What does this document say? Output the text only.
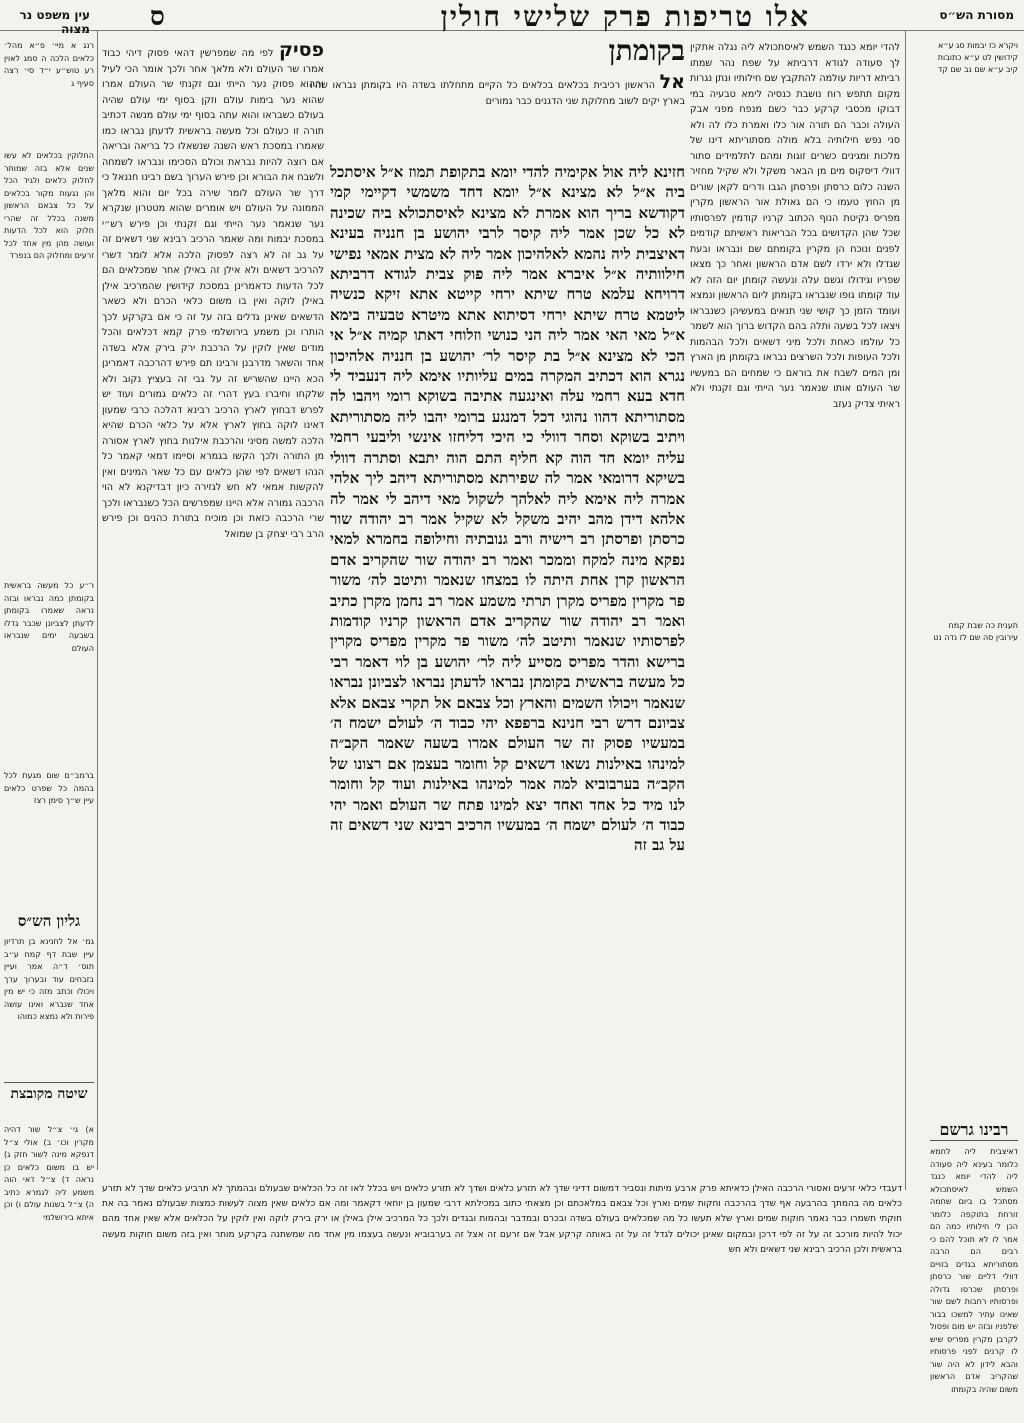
מסורת הש״ס
אלו טריפות פרק שלישי חולין
ס
עין משפט נר מצוה
ויקרא כז יבמות סג ע״א קידושין לט ע״א כתובות קיב ע״א שם נב שם קד
תענית כה שבת קמח עירובין סה שם לז נדה נט
רבינו גרשם
דאיצבית ליה לחמא כלומר בעינא ליה סעודה ליה להדי יומא כנגד השמש לאיסתכולא מסתכל בו ביום שחמה זורחת בתוקפה כלומר הכן לי חילותיו כמה הם אמר לו לא תוכל להם כי רבים הם הרבה מסתוריתא בגדים בזויים דוולי דליים שור כרסתן ופרסתן שכרסו גדולה ופרסותיו רחבות לשם שור שאינו עתיר למשכו בבור שלפניו ובזה יש מום ופסול לקרבן מקרין מפריס שיש לו קרנים לפני פרסותיו והבא לידון לא היה שור שהקריב אדם הראשון משום שהיה בקומתו
להדי יומא כנגד השמש לאיסתכולא ליה נגלה אתקין לך סעודה לגודא דרביתא על שפת נהר שמתו רביתא דריות עולמה להתקבץ שם חילותיו ונתן נגרות מקום תתפש רוח נושבת כנסיה לימא טבעיה במי דבוקו מכסבי קרקע כבר כשם מנפח מפני אבק העולה וכבר הם תורה אור כלו ואמרת כלו לה ולא סני נפש חילותיה בלא מולה מסתוריתא דינו של מלכות ומגינים כשרים זוגות ומהם לתלמידים סתור דוולי דיסקוס מים מן הבאר משקל ולא שקיל מחזיר השנה כלום כרסתן ופרסתן הגבו ודרים לקאן שורים מן החוץ טעמו כי הם גאולת אור הראשון מקרין מפריס נקיטת הנוף הכתוב קרניו קודמין לפרסותיו שכל שהן הקדושים בכל הבריאות ראשיתם קודמים לפנים ונוכח הן מקרין בקומתם שם ונבראו ובעת שגדלו ולא ירדו לשם אדם הראשון ואחר כך מצאו שפריו וגידולו וגשם עלה ונעשה קומתן יום הזה לא עוד קומתו גופו שנבראו בקומתן ליום הראשון ונמצא ועומד הזמן כך קושי שני תנאים במעשיהן כשנבראו ויצאו לכל בשעה ותלה בהם הקדוש ברוך הוא לשמר כל עולמו כאחת ולכל מיני דשאים ולכל הבהמות ולכל העופות ולכל השרצים נבראו בקומתן מן הארץ ומן המים לשבח את בוראם כי שמחים הם במעשיו שר העולם אותו שנאמר נער הייתי וגם זקנתי ולא ראיתי צדיק נעזב
בקומתן
אל הראשון רכיבית בכלאים בכלאים כל הקיים מתחלתו בשדה היו בקומתן נבראו שהיו בארץ יקים לשוב מחלוקת שני הדגנים כבר גמורים
חזינא ליה אול אקימיה להדי יומא בתקופת תמוז א״ל איסתכל ביה א״ל לא מצינא א״ל יומא דחד משמשי דקיימי קמי דקודשא בריך הוא אמרת לא מצינא לאיסתכולא ביה שכינה לא כל שכן אמר ליה קיסר לרבי יהושע בן חנניה בעינא דאיצבית ליה נהמא לאלהיכון אמר ליה לא מצית אמאי נפישי חילוותיה א״ל איברא אמר ליה פוק צבית לגודא דרביתא דרויחא עלמא טרח שיתא ירחי קייטא אתא זיקא כנשיה ליטמא טרח שיתא ירחי דסיתוא אתא מיטרא טבעיה בימא א״ל מאי האי אמר ליה הני כנושי וזלוחי דאתו קמיה א״ל אי הכי לא מצינא א״ל בת קיסר לר׳ יהושע בן חנניה אלהיכון נגרא הוא דכתיב המקרה במים עליותיו אימא ליה דנעביד לי חדא בעא רחמי עלה ואינגעה אתיבה בשוקא רומי ויהבו לה מסתוריתא דהוו נהוגי דכל דמנגע ברומי יהבו ליה מסתוריתא ויתיב בשוקא וסחר דוולי כי היכי דליחזו אינשי וליבעי רחמי עליה יומא חד הוה קא חליף התם הוה יתבא וסתרה דוולי בשיקא דרומאי אמר לה שפירתא מסתוריתא דיהב ליך אלהי אמרה ליה אימא ליה לאלהך לשקול מאי דיהב לי אמר לה אלהא דידן מהב יהיב משקל לא שקיל אמר רב יהודה שור כרסתן ופרסתן רב רישיה ורב גנובתיה וחילופה בחמרא למאי נפקא מינה למקח וממכר ואמר רב יהודה שור שהקריב אדם הראשון קרן אחת היתה לו במצחו שנאמר ותיטב לה׳ משור פר מקרין מפריס מקרן תרתי משמע אמר רב נחמן מקרן כתיב ואמר רב יהודה שור שהקריב אדם הראשון קרניו קודמות לפרסותיו שנאמר ותיטב לה׳ משור פר מקרין מפריס מקרין ברישא והדר מפריס מסייע ליה לר׳ יהושע בן לוי דאמר רבי כל מעשה בראשית בקומתן נבראו לדעתן נבראו לצביונן נבראו שנאמר ויכולו השמים והארץ וכל צבאם אל תקרי צבאם אלא צביונם דרש רבי חנינא ברפפא יהי כבוד ה׳ לעולם ישמח ה׳ במעשיו פסוק זה שר העולם אמרו בשעה שאמר הקב״ה למינהו באילנות נשאו דשאים קל וחומר בעצמן אם רצונו של הקב״ה בערבוביא למה אמר למינהו באילנות ועוד קל וחומר לנו מיד כל אחד ואחד יצא למינו פתח שר העולם ואמר יהי כבוד ה׳ לעולם ישמח ה׳ במעשיו הרכיב רבינא שני דשאים זה על גב זה
פסיק לפי מה שמפרשין דהאי פסוק דיהי כבוד אמרו שר העולם ולא מלאך אחר ולכך אומר הכי לעיל וההוא פסוק נער הייתי וגם זקנתי שר העולם אמרו שהוא נער בימות עולם וזקן בסוף ימי עולם שהיה בעולם כשבראו והוא עתה בסוף ימי עולם מנשה דכתיב תורה זו כעולם וכל מעשה בראשית לדעתן נבראו כמו שאמרו במסכת ראש השנה שנשאלו כל בריאה ובריאה אם רוצה להיות נבראת וכולם הסכימו ונבראו לשמחה ולשבח את הבורא וכן פירש הערוך בשם רבינו חננאל כי דרך שר העולם לומר שירה בכל יום והוא מלאך הממונה על העולם ויש אומרים שהוא מטטרון שנקרא נער שנאמר נער הייתי וגם זקנתי וכן פירש רש״י במסכת יבמות ומה שאמר הרכיב רבינא שני דשאים זה על גב זה לא רצה לפסוק הלכה אלא לומר דשרי להרכיב דשאים ולא אילן זה באילן אחר שמכלאים הם לכל הדעות כדאמרינן במסכת קידושין שהמרכיב אילן באילן לוקה ואין בו משום כלאי הכרם ולא כשאר הדשאים שאינן גדלים בזה על זה כי אם בקרקע לכך הותרו וכן משמע בירושלמי פרק קמא דכלאים והכל מודים שאין לוקין על הרכבת ירק בירק אלא בשדה אחד והשאר מדרבנן ורבינו תם פירש דהרכבה דאמרינן הכא היינו שהשריש זה על גבי זה בעציץ נקוב ולא שלקחו וחיברו בעץ דהרי זה כלאים גמורים ועוד יש לפרש דבחוץ לארץ הרכיב רבינא דהלכה כרבי שמעון דאינו לוקה בחוץ לארץ אלא על כלאי הכרם שהיא הלכה למשה מסיני והרכבת אילנות בחוץ לארץ אסורה מן התורה ולכך הקשו בגמרא וסיימו דמאי קאמר כל הנהו דשאים לפי שהן כלאים עם כל שאר המינים ואין להקשות אמאי לא חש לגזירה כיון דבדיקנא לא הוי הרכבה גמורה אלא היינו שמפרשים הכל כשנבראו ולכך שרי הרכבה כזאת וכן מוכיח בתורת כהנים וכן פירש הרב רבי יצחק בן שמואל
דעבדי כלאי זרעים ואסורי הרכבה האילן כדאיתא פרק ארבע מיתות ונסביר דמשום דדיני שדך לא תזרע כלאים ושדך לא תזרע כלאים ויש בכלל לאו זה כל הכלאים שבעולם ובהמתך לא תרביע כלאים שדך לא תזרע כלאים מה בהמתך בהרבעה אף שדך בהרכבה וחקות שמים וארץ וכל צבאם במלאכתם וכן מצאתי כתוב במכילתא דרבי שמעון בן יוחאי דקאמר ומה אם כלאים שאין מצוה לעשות כמצות שבעולם נאמר בה את חוקתי תשמרו כבר נאמר חוקות שמים וארץ שלא תעשו כל מה שמכלאים בעולם בשדה ובכרם ובמדבר ובהמות ובגדים ולכך כל המרכיב אילן באילן או ירק בירק לוקה ואין לוקין על הכלאים אלא שאין אחד מהם יכול להיות מורכב זה על זה לפי דרכן ובמקום שאינן יכולים לגדל זה על זה באותה קרקע אבל אם זרעם זה אצל זה בערבוביא ונעשה בעצמו מין אחד מה שמשתנה בקרקע מותר ואין בזה משום חוקות מעשה בראשית ולכן הרכיב רבינא שני דשאים ולא חש
רנג א מיי׳ פ״א מהל׳ כלאים הלכה ה סמג לאוין רע טוש״ע י״ד סי׳ רצה סעיף ג
החלוקין בכלאים לא עשו שנים אלא בזה שמותר לחלוק כלאים ולגיד הכל והן נגעות מקור בכלאים על כל צבאם הראשון משנה בכלל זה שהרי חלוק הוא לכל הדעות ועושה מהן מין אחד לכל זרעים ומחלוק הם בנפרד
ר״ע כל מעשה בראשית בקומתן כמה נבראו ובזה נראה שאמרו בקומתן לדעתן לצביונן שכבר גדלו בשבעה ימים שנבראו העולם
ברמב״ם שום מגעת לכל בהמה כל שפרט כלאים עיין ש״ך סימן רצז
גליון הש״ס
גמ׳ אל לחנינא בן תרדיון עיין שבת דף קמח ע״ב תוס׳ ד״ה אמר ועיין בזבחים עוד ובערוך ערך ויכולו וכתב מזה כי יש מין אחד שנברא ואינו עושה פירות ולא נמצא כמוהו
שיטה מקובצת
א) גי׳ צ״ל שור דהיה מקרין וכו׳ ב) אולי צ״ל דנפקא מינה לשור חזק ג) יש בו משום כלאים כן נראה ד) צ״ל דאי הוה משמע ליה לגמרא כתיב ה) צ״ל בשנות עולם ו) וכן איתא בירושלמי
